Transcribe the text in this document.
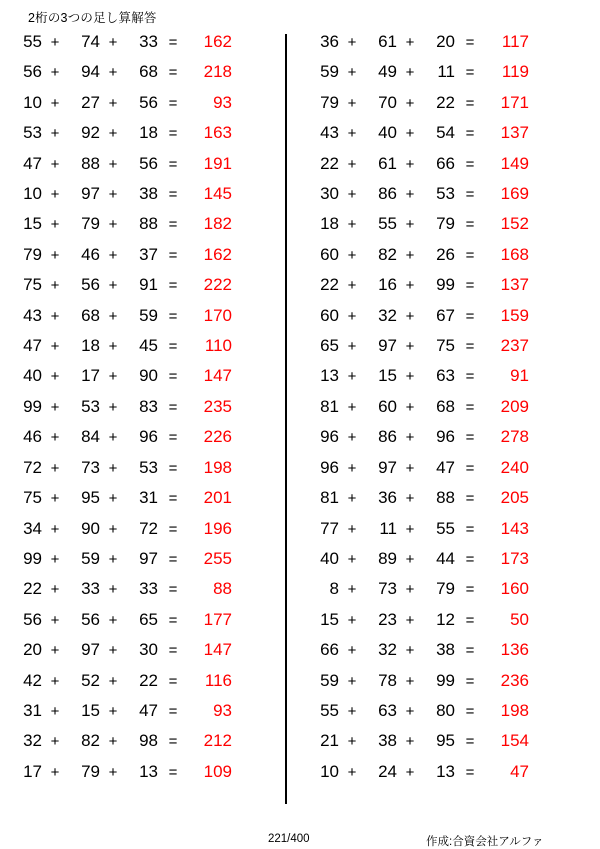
2桁の3つの足し算解答
55 +	74 +	33 =	162
56 +	94 +	68 =	218
10 +	27 +	56 =	93
53 +	92 +	18 =	163
47 +	88 +	56 =	191
10 +	97 +	38 =	145
15 +	79 +	88 =	182
79 +	46 +	37 =	162
75 +	56 +	91 =	222
43 +	68 +	59 =	170
47 +	18 +	45 =	110
40 +	17 +	90 =	147
99 +	53 +	83 =	235
46 +	84 +	96 =	226
72 +	73 +	53 =	198
75 +	95 +	31 =	201
34 +	90 +	72 =	196
99 +	59 +	97 =	255
22 +	33 +	33 =	88
56 +	56 +	65 =	177
20 +	97 +	30 =	147
42 +	52 +	22 =	116
31 +	15 +	47 =	93
32 +	82 +	98 =	212
17 +	79 +	13 =	109
36 +	61 +	20 =	117
59 +	49 +	11 =	119
79 +	70 +	22 =	171
43 +	40 +	54 =	137
22 +	61 +	66 =	149
30 +	86 +	53 =	169
18 +	55 +	79 =	152
60 +	82 +	26 =	168
22 +	16 +	99 =	137
60 +	32 +	67 =	159
65 +	97 +	75 =	237
13 +	15 +	63 =	91
81 +	60 +	68 =	209
96 +	86 +	96 =	278
96 +	97 +	47 =	240
81 +	36 +	88 =	205
77 +	11 +	55 =	143
40 +	89 +	44 =	173
8 +	73 +	79 =	160
15 +	23 +	12 =	50
66 +	32 +	38 =	136
59 +	78 +	99 =	236
55 +	63 +	80 =	198
21 +	38 +	95 =	154
10 +	24 +	13 =	47
221/400	作成:合資会社アルファ
